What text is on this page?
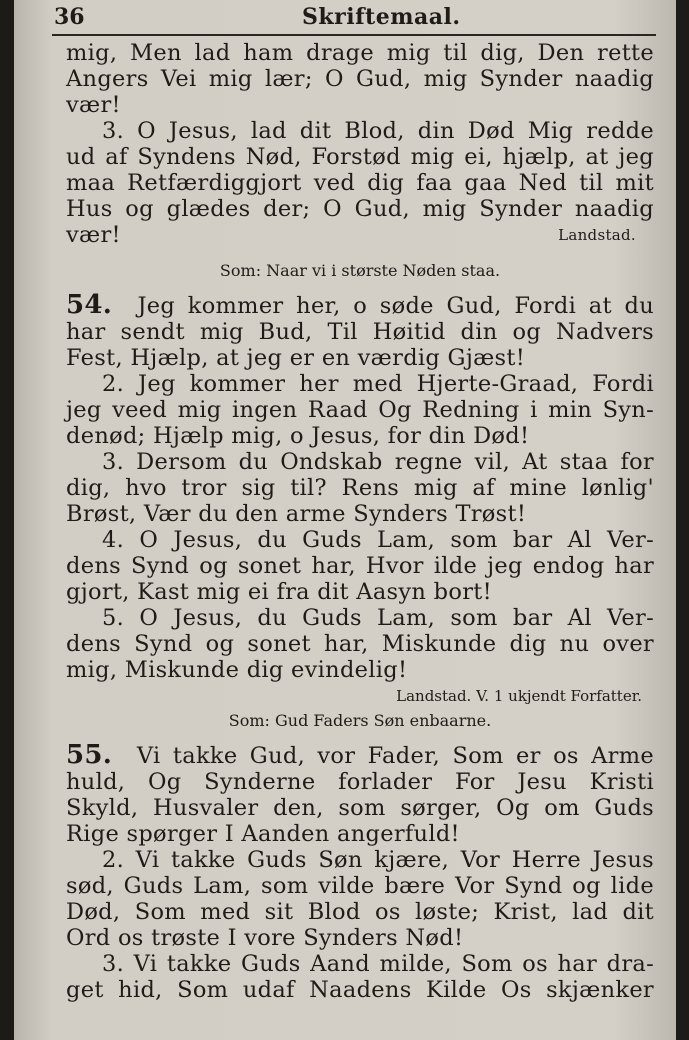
36	Skriftemaal.
mig, Men lad ham drage mig til dig, Den rette
Angers Vei mig lær; O Gud, mig Synder naadig
vær!
3. O Jesus, lad dit Blod, din Død Mig redde
ud af Syndens Nød, Forstød mig ei, hjælp, at jeg
maa Retfærdiggjort ved dig faa gaa Ned til mit
Hus og glædes der; O Gud, mig Synder naadig
vær!	Landstad.
Som: Naar vi i største Nøden staa.
54. Jeg kommer her, o søde Gud, Fordi at du
har sendt mig Bud, Til Høitid din og Nadvers
Fest, Hjælp, at jeg er en værdig Gjæst!
2. Jeg kommer her med Hjerte-Graad, Fordi
jeg veed mig ingen Raad Og Redning i min Syn-
denød; Hjælp mig, o Jesus, for din Død!
3. Dersom du Ondskab regne vil, At staa for
dig, hvo tror sig til? Rens mig af mine lønlig'
Brøst, Vær du den arme Synders Trøst!
4. O Jesus, du Guds Lam, som bar Al Ver-
dens Synd og sonet har, Hvor ilde jeg endog har
gjort, Kast mig ei fra dit Aasyn bort!
5. O Jesus, du Guds Lam, som bar Al Ver-
dens Synd og sonet har, Miskunde dig nu over
mig, Miskunde dig evindelig!
Landstad. V. 1 ukjendt Forfatter.
Som: Gud Faders Søn enbaarne.
55. Vi takke Gud, vor Fader, Som er os Arme
huld, Og Synderne forlader For Jesu Kristi
Skyld, Husvaler den, som sørger, Og om Guds
Rige spørger I Aanden angerfuld!
2. Vi takke Guds Søn kjære, Vor Herre Jesus
sød, Guds Lam, som vilde bære Vor Synd og lide
Død, Som med sit Blod os løste; Krist, lad dit
Ord os trøste I vore Synders Nød!
3. Vi takke Guds Aand milde, Som os har dra-
get hid, Som udaf Naadens Kilde Os skjænker
